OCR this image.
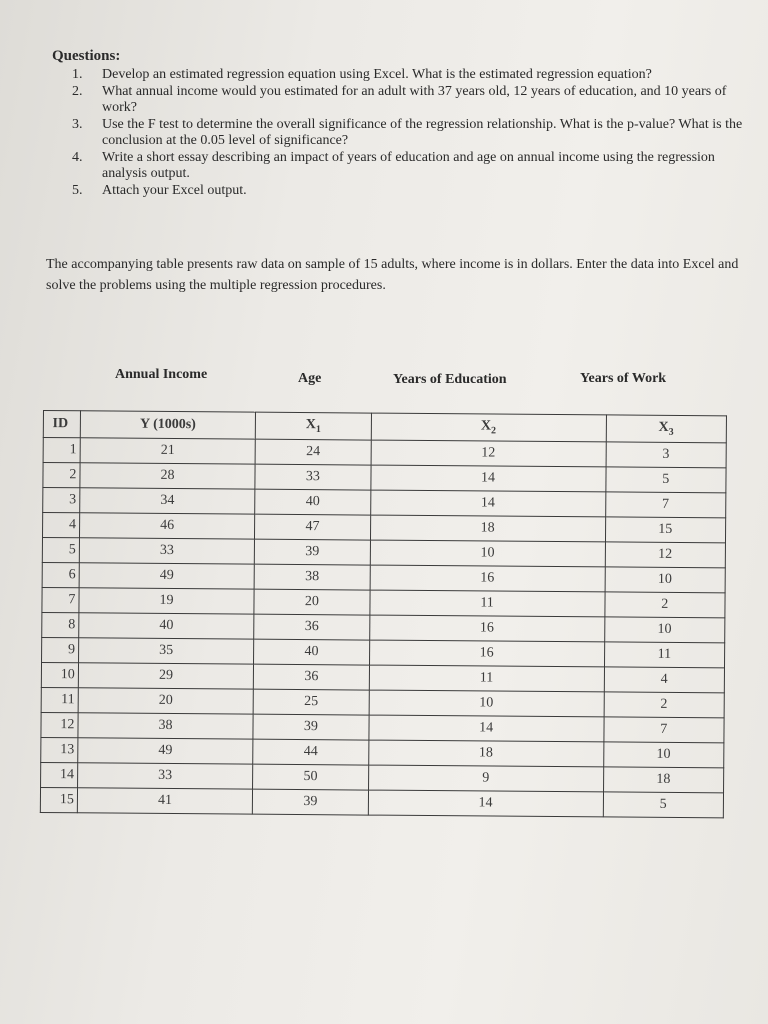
Questions:
1. Develop an estimated regression equation using Excel. What is the estimated regression equation?
2. What annual income would you estimated for an adult with 37 years old, 12 years of education, and 10 years of work?
3. Use the F test to determine the overall significance of the regression relationship. What is the p-value? What is the conclusion at the 0.05 level of significance?
4. Write a short essay describing an impact of years of education and age on annual income using the regression analysis output.
5. Attach your Excel output.
The accompanying table presents raw data on sample of 15 adults, where income is in dollars. Enter the data into Excel and solve the problems using the multiple regression procedures.
Annual Income	Age	Years of Education	Years of Work
ID	Y (1000s)	$X_1$	$X_2$	$X_3$
1	21	24	12	3
2	28	33	14	5
3	34	40	14	7
4	46	47	18	15
5	33	39	10	12
6	49	38	16	10
7	19	20	11	2
8	40	36	16	10
9	35	40	16	11
10	29	36	11	4
11	20	25	10	2
12	38	39	14	7
13	49	44	18	10
14	33	50	9	18
15	41	39	14	5
